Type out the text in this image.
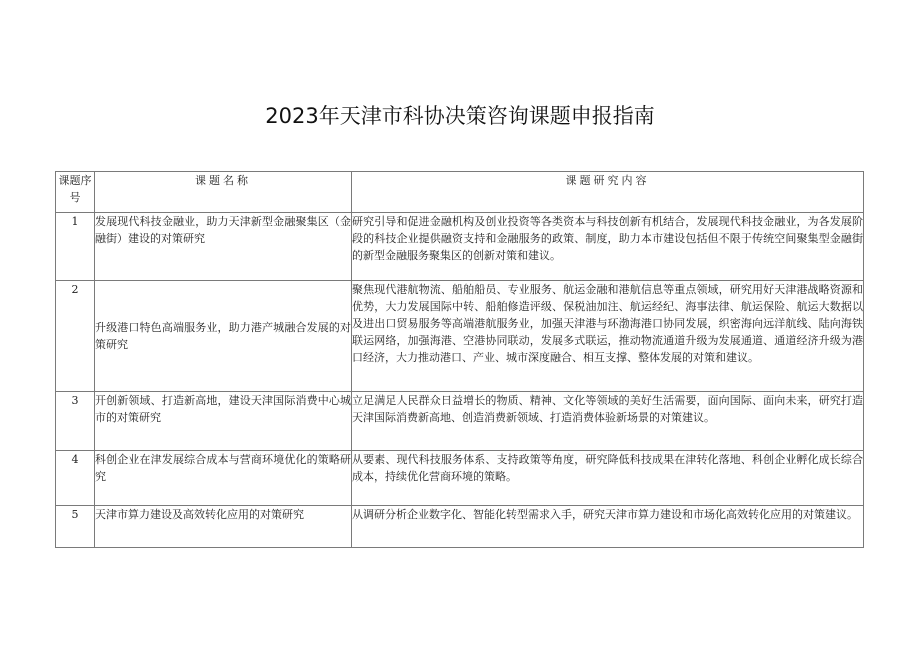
2023年天津市科协决策咨询课题申报指南
课题序号	课题名称	课题研究内容
1	发展现代科技金融业，助力天津新型金融聚集区（金融街）建设的对策研究	研究引导和促进金融机构及创业投资等各类资本与科技创新有机结合，发展现代科技金融业，为各发展阶段的科技企业提供融资支持和金融服务的政策、制度，助力本市建设包括但不限于传统空间聚集型金融街的新型金融服务聚集区的创新对策和建议。
2	升级港口特色高端服务业，助力港产城融合发展的对策研究	聚焦现代港航物流、船舶船员、专业服务、航运金融和港航信息等重点领域，研究用好天津港战略资源和优势，大力发展国际中转、船舶修造评级、保税油加注、航运经纪、海事法律、航运保险、航运大数据以及进出口贸易服务等高端港航服务业，加强天津港与环渤海港口协同发展，织密海向远洋航线、陆向海铁联运网络，加强海港、空港协同联动，发展多式联运，推动物流通道升级为发展通道、通道经济升级为港口经济，大力推动港口、产业、城市深度融合、相互支撑、整体发展的对策和建议。
3	开创新领域、打造新高地，建设天津国际消费中心城市的对策研究	立足满足人民群众日益增长的物质、精神、文化等领域的美好生活需要，面向国际、面向未来，研究打造天津国际消费新高地、创造消费新领域、打造消费体验新场景的对策建议。
4	科创企业在津发展综合成本与营商环境优化的策略研究	从要素、现代科技服务体系、支持政策等角度，研究降低科技成果在津转化落地、科创企业孵化成长综合成本，持续优化营商环境的策略。
5	天津市算力建设及高效转化应用的对策研究	从调研分析企业数字化、智能化转型需求入手，研究天津市算力建设和市场化高效转化应用的对策建议。
